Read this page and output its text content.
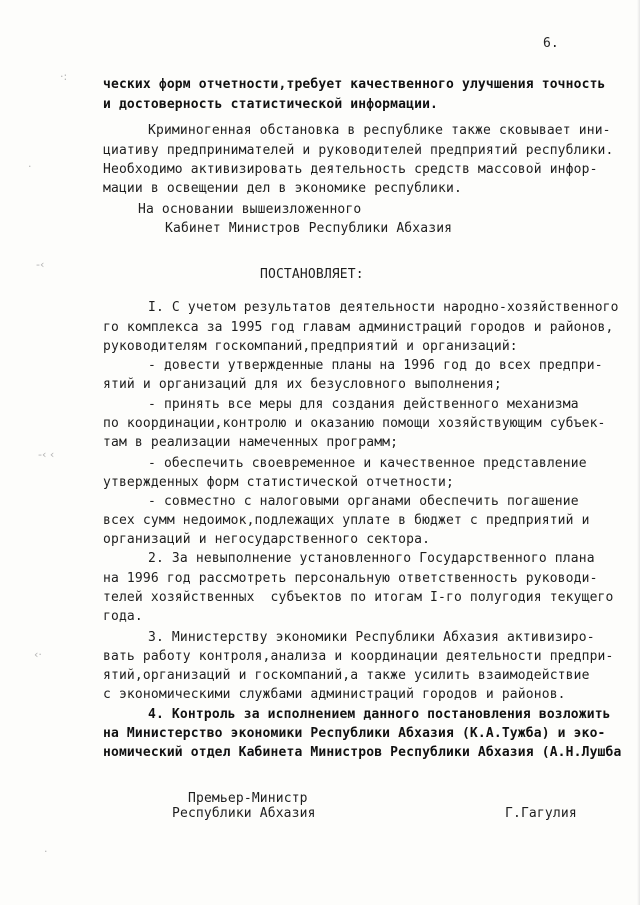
6.
·:
·
-‹
-‹ ‹
‹·
·
ческих форм отчетности,требует качественного улучшения точность
и достоверность статистической информации.
Криминогенная обстановка в республике также сковывает ини-
циативу предпринимателей и руководителей предприятий республики.
Необходимо активизировать деятельность средств массовой инфор-
мации в освещении дел в экономике республики.
На основании вышеизложенного
Кабинет Министров Республики Абхазия
ПОСТАНОВЛЯЕТ:
I. С учетом результатов деятельности народно-хозяйственного
го комплекса за 1995 год главам администраций городов и районов,
руководителям госкомпаний,предприятий и организаций:
- довести утвержденные планы на 1996 год до всех предпри-
ятий и организаций для их безусловного выполнения;
- принять все меры для создания действенного механизма
по координации,контролю и оказанию помощи хозяйствующим субъек-
там в реализации намеченных программ;
- обеспечить своевременное и качественное представление
утвержденных форм статистической отчетности;
- совместно с налоговыми органами обеспечить погашение
всех сумм недоимок,подлежащих уплате в бюджет с предприятий и
организаций и негосударственного сектора.
2. За невыполнение установленного Государственного плана
на 1996 год рассмотреть персональную ответственность руководи-
телей хозяйственных  субъектов по итогам I-го полугодия текущего
года.
3. Министерству экономики Республики Абхазия активизиро-
вать работу контроля,анализа и координации деятельности предпри-
ятий,организаций и госкомпаний,а также усилить взаимодействие
с экономическими службами администраций городов и районов.
4. Контроль за исполнением данного постановления возложить
на Министерство экономики Республики Абхазия (К.А.Тужба) и эко-
номический отдел Кабинета Министров Республики Абхазия (А.Н.Лушба
Премьер-Министр
Республики Абхазия	Г.Гагулия
